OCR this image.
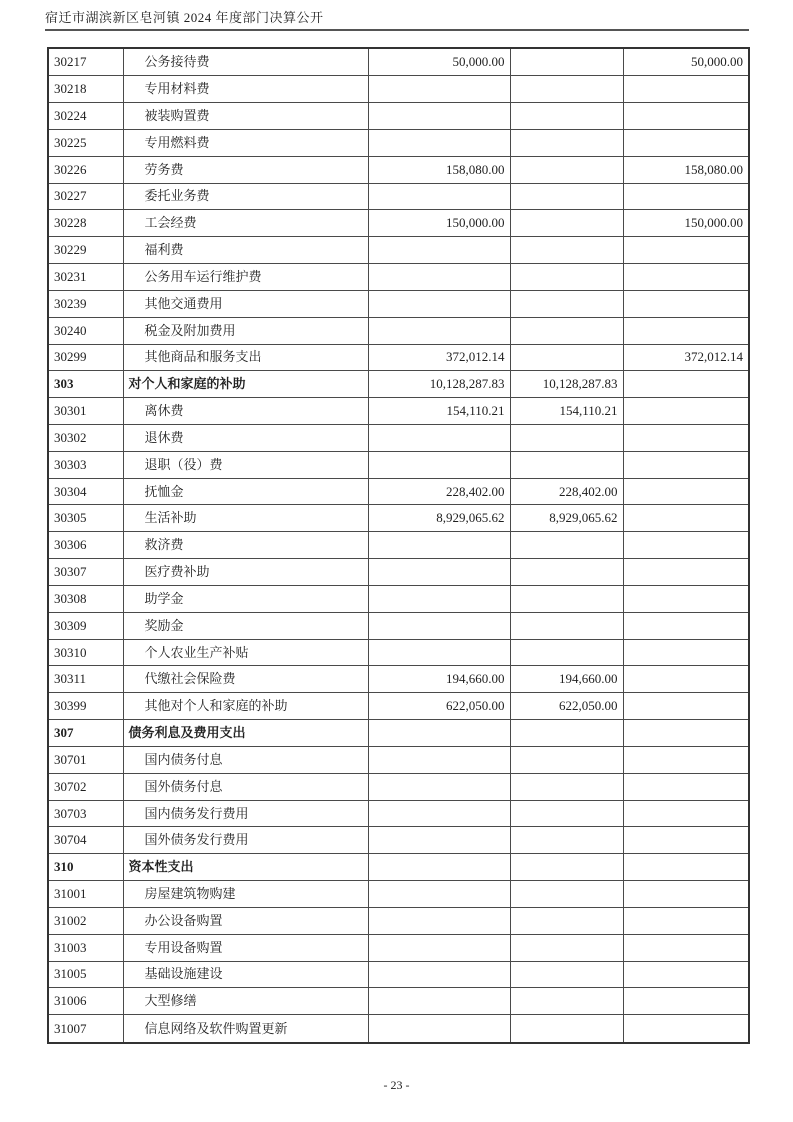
宿迁市湖滨新区皂河镇 2024 年度部门决算公开
30217	公务接待费	50,000.00		50,000.00
30218	专用材料费			
30224	被装购置费			
30225	专用燃料费			
30226	劳务费	158,080.00		158,080.00
30227	委托业务费			
30228	工会经费	150,000.00		150,000.00
30229	福利费			
30231	公务用车运行维护费			
30239	其他交通费用			
30240	税金及附加费用			
30299	其他商品和服务支出	372,012.14		372,012.14
303	对个人和家庭的补助	10,128,287.83	10,128,287.83	
30301	离休费	154,110.21	154,110.21	
30302	退休费			
30303	退职（役）费			
30304	抚恤金	228,402.00	228,402.00	
30305	生活补助	8,929,065.62	8,929,065.62	
30306	救济费			
30307	医疗费补助			
30308	助学金			
30309	奖励金			
30310	个人农业生产补贴			
30311	代缴社会保险费	194,660.00	194,660.00	
30399	其他对个人和家庭的补助	622,050.00	622,050.00	
307	债务利息及费用支出			
30701	国内债务付息			
30702	国外债务付息			
30703	国内债务发行费用			
30704	国外债务发行费用			
310	资本性支出			
31001	房屋建筑物购建			
31002	办公设备购置			
31003	专用设备购置			
31005	基础设施建设			
31006	大型修缮			
31007	信息网络及软件购置更新			
- 23 -
